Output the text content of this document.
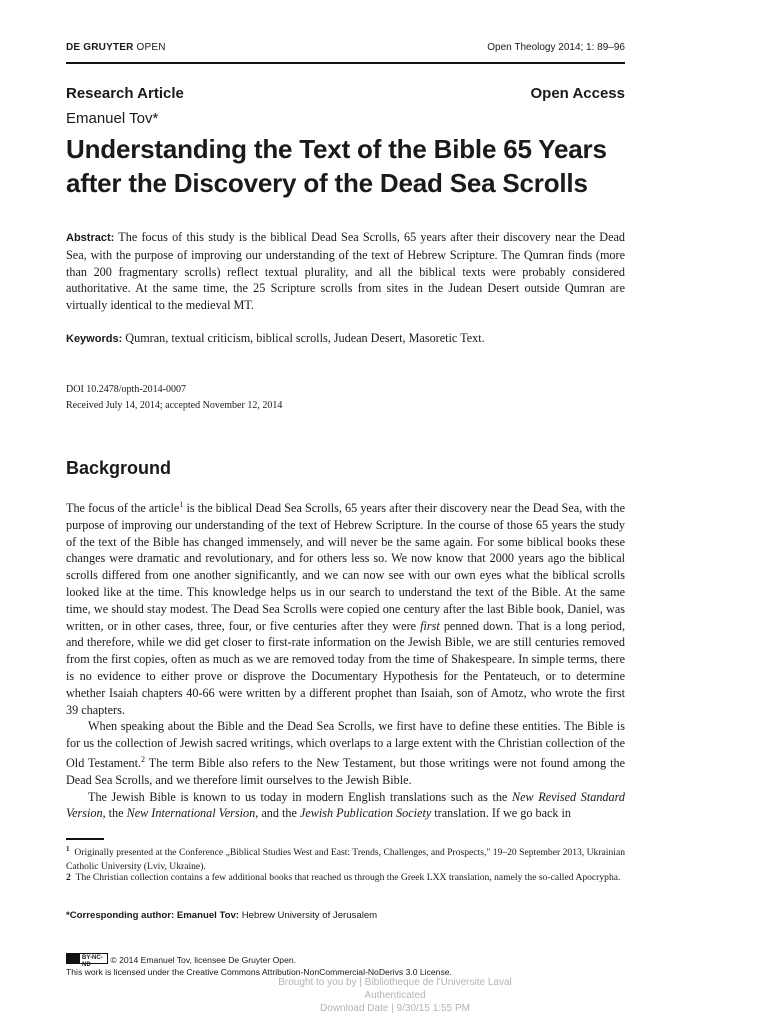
DE GRUYTER OPEN	Open Theology 2014; 1: 89–96
Research Article	Open Access
Emanuel Tov*
Understanding the Text of the Bible 65 Years
after the Discovery of the Dead Sea Scrolls
Abstract: The focus of this study is the biblical Dead Sea Scrolls, 65 years after their discovery near the Dead Sea, with the purpose of improving our understanding of the text of Hebrew Scripture. The Qumran finds (more than 200 fragmentary scrolls) reflect textual plurality, and all the biblical texts were probably considered authoritative. At the same time, the 25 Scripture scrolls from sites in the Judean Desert outside Qumran are virtually identical to the medieval MT.
Keywords: Qumran, textual criticism, biblical scrolls, Judean Desert, Masoretic Text.
DOI 10.2478/opth-2014-0007
Received July 14, 2014; accepted November 12, 2014
Background

The focus of the article$^1$ is the biblical Dead Sea Scrolls, 65 years after their discovery near the Dead Sea, with the purpose of improving our understanding of the text of Hebrew Scripture. In the course of those 65 years the study of the text of the Bible has changed immensely, and will never be the same again. For some biblical books these changes were dramatic and revolutionary, and for others less so. We now know that 2000 years ago the biblical scrolls differed from one another significantly, and we can now see with our own eyes what the biblical scrolls looked like at the time. This knowledge helps us in our search to understand the text of the Bible. At the same time, we should stay modest. The Dead Sea Scrolls were copied one century after the last Bible book, Daniel, was written, or in other cases, three, four, or five centuries after they were first penned down. That is a long period, and therefore, while we did get closer to first-rate information on the Jewish Bible, we are still centuries removed from the first copies, often as much as we are removed today from the time of Shakespeare. In simple terms, there is no evidence to either prove or disprove the Documentary Hypothesis for the Pentateuch, or to determine whether Isaiah chapters 40-66 were written by a different prophet than Isaiah, son of Amotz, who wrote the first 39 chapters.

When speaking about the Bible and the Dead Sea Scrolls, we first have to define these entities. The Bible is for us the collection of Jewish sacred writings, which overlaps to a large extent with the Christian collection of the Old Testament.$^2$ The term Bible also refers to the New Testament, but those writings were not found among the Dead Sea Scrolls, and we therefore limit ourselves to the Jewish Bible.

The Jewish Bible is known to us today in modern English translations such as the New Revised Standard Version, the New International Version, and the Jewish Publication Society translation. If we go back in

$^1$ Originally presented at the Conference „Biblical Studies West and East: Trends, Challenges, and Prospects," 19–20 September 2013, Ukrainian Catholic University (Lviv, Ukraine).
2 The Christian collection contains a few additional books that reached us through the Greek LXX translation, namely the so-called Apocrypha.
*Corresponding author: Emanuel Tov: Hebrew University of Jerusalem
BY-NC-ND	© 2014 Emanuel Tov, licensee De Gruyter Open.
This work is licensed under the Creative Commons Attribution-NonCommercial-NoDerivs 3.0 License.
Brought to you by | Bibliotheque de l'Universite Laval
Authenticated
Download Date | 9/30/15 1:55 PM
